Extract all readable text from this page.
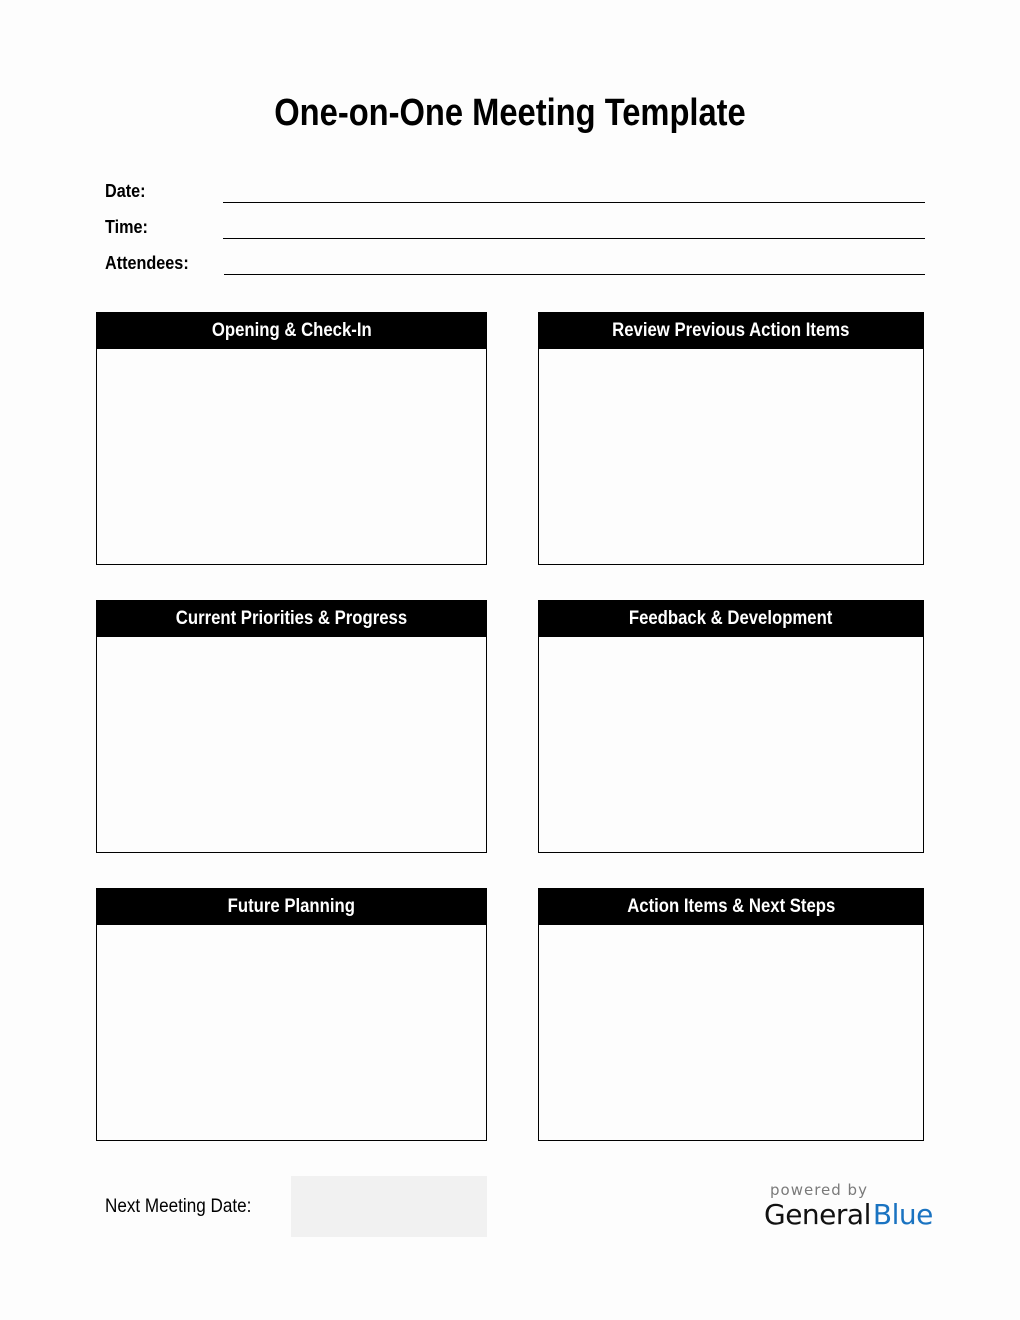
One-on-One Meeting Template
Date:
Time:
Attendees:
Opening & Check-In	Review Previous Action Items
Current Priorities & Progress	Feedback & Development
Future Planning	Action Items & Next Steps
Next Meeting Date:
powered by
GeneralBlue
